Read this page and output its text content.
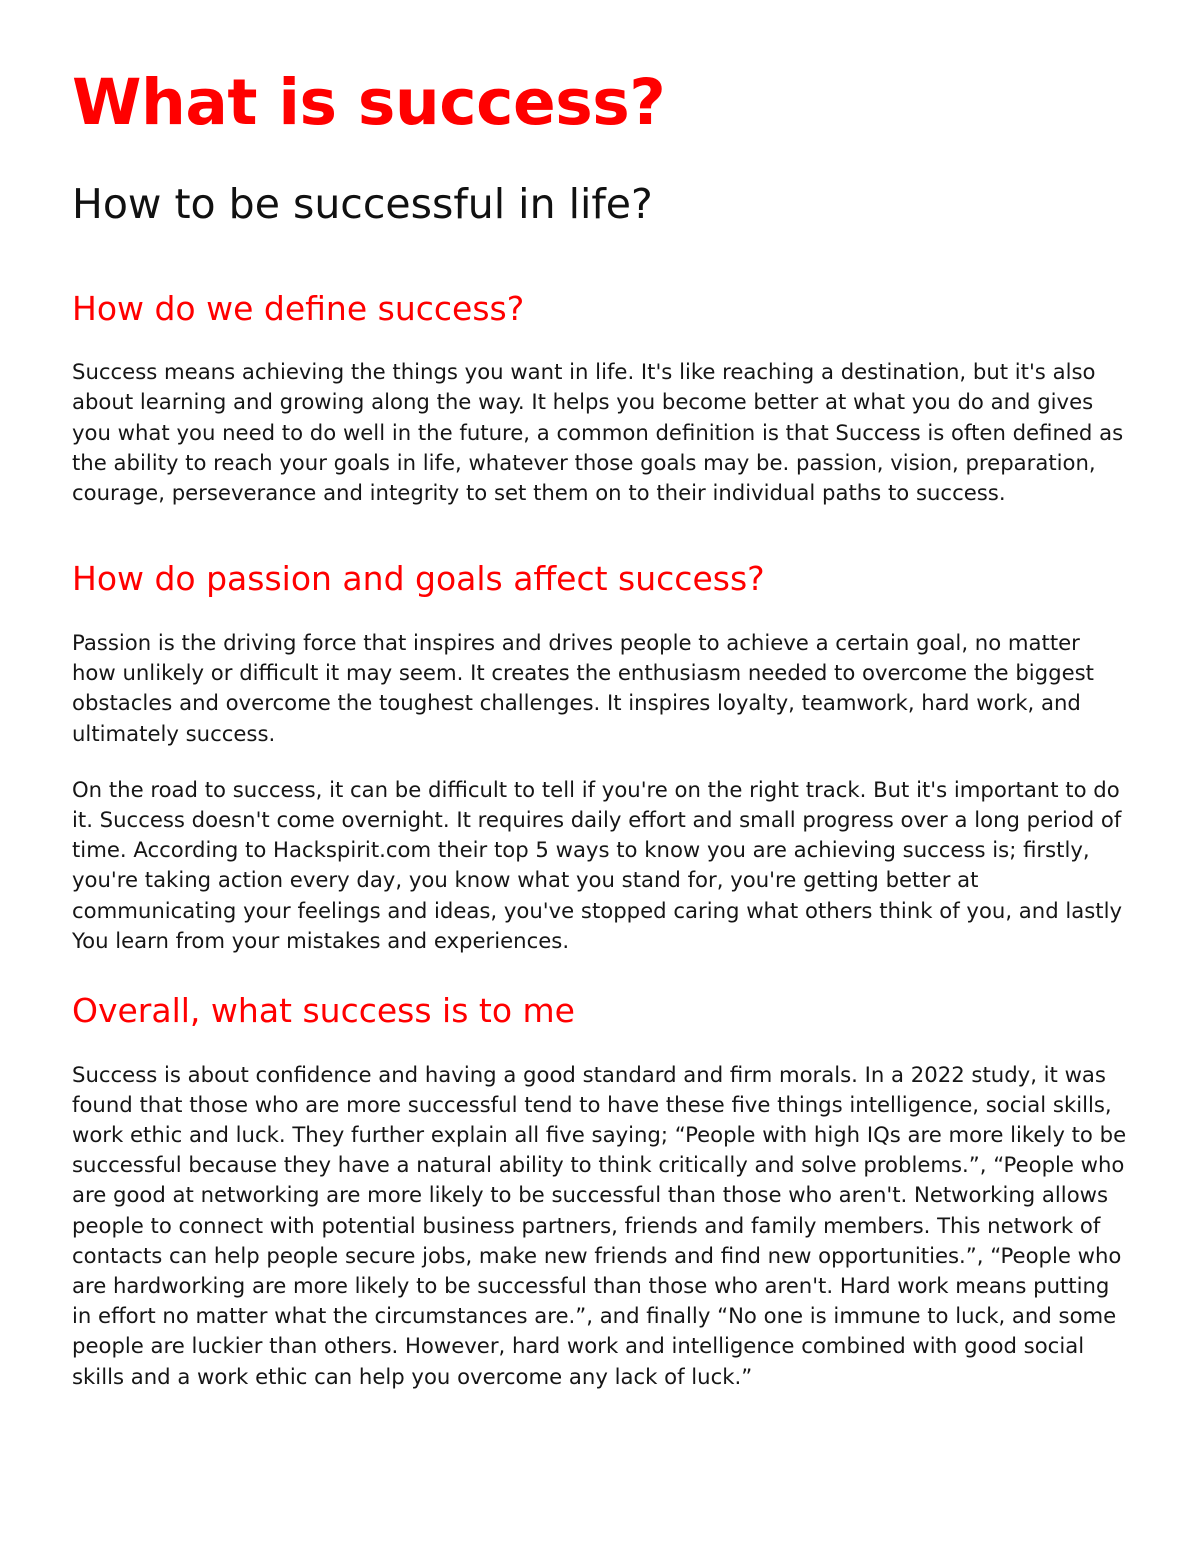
What is success?
How to be successful in life?
How do we define success?

Success means achieving the things you want in life. It's like reaching a destination, but it's also about learning and growing along the way. It helps you become better at what you do and gives you what you need to do well in the future, a common definition is that Success is often defined as the ability to reach your goals in life, whatever those goals may be. passion, vision, preparation, courage, perseverance and integrity to set them on to their individual paths to success.

How do passion and goals affect success?

Passion is the driving force that inspires and drives people to achieve a certain goal, no matter how unlikely or difficult it may seem. It creates the enthusiasm needed to overcome the biggest obstacles and overcome the toughest challenges. It inspires loyalty, teamwork, hard work, and ultimately success.

On the road to success, it can be difficult to tell if you're on the right track. But it's important to do it. Success doesn't come overnight. It requires daily effort and small progress over a long period of time. According to Hackspirit.com their top 5 ways to know you are achieving success is; firstly, you're taking action every day, you know what you stand for, you're getting better at communicating your feelings and ideas, you've stopped caring what others think of you, and lastly You learn from your mistakes and experiences.

Overall, what success is to me

Success is about confidence and having a good standard and firm morals. In a 2022 study, it was found that those who are more successful tend to have these five things intelligence, social skills, work ethic and luck. They further explain all five saying; “People with high IQs are more likely to be successful because they have a natural ability to think critically and solve problems.”, “People who are good at networking are more likely to be successful than those who aren't. Networking allows people to connect with potential business partners, friends and family members. This network of contacts can help people secure jobs, make new friends and find new opportunities.”, “People who are hardworking are more likely to be successful than those who aren't. Hard work means putting in effort no matter what the circumstances are.”, and finally “No one is immune to luck, and some people are luckier than others. However, hard work and intelligence combined with good social skills and a work ethic can help you overcome any lack of luck.”
